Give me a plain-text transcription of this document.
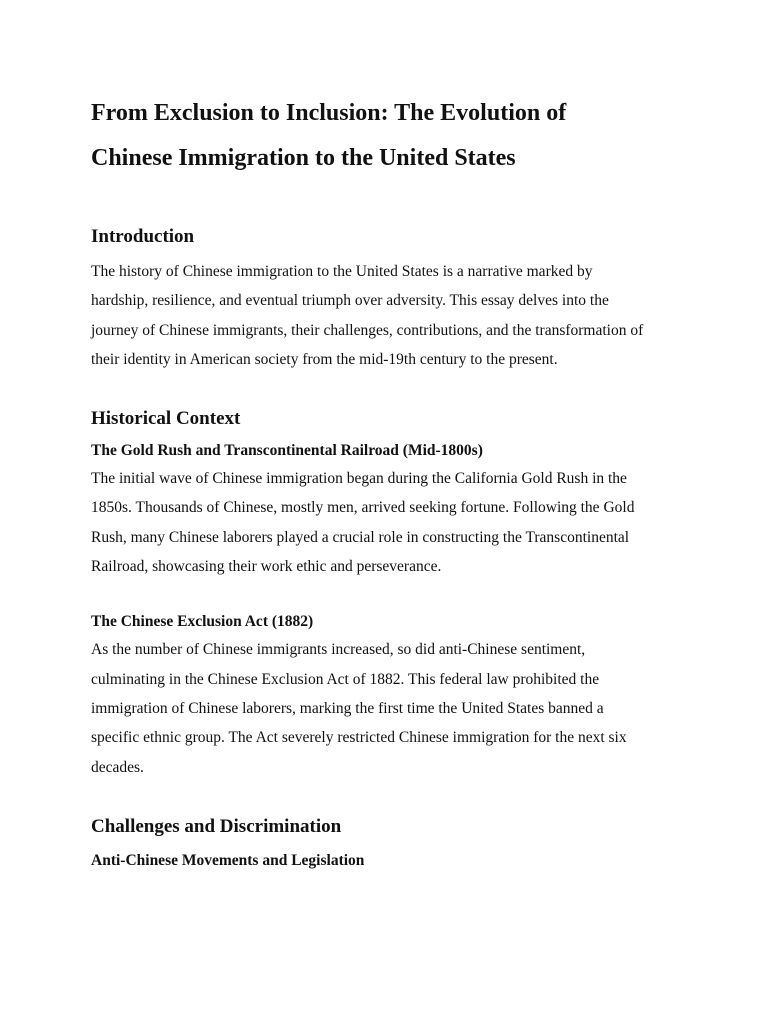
From Exclusion to Inclusion: The Evolution of
Chinese Immigration to the United States
Introduction

The history of Chinese immigration to the United States is a narrative marked by
hardship, resilience, and eventual triumph over adversity. This essay delves into the
journey of Chinese immigrants, their challenges, contributions, and the transformation of
their identity in American society from the mid-19th century to the present.

Historical Context
The Gold Rush and Transcontinental Railroad (Mid-1800s)

The initial wave of Chinese immigration began during the California Gold Rush in the
1850s. Thousands of Chinese, mostly men, arrived seeking fortune. Following the Gold
Rush, many Chinese laborers played a crucial role in constructing the Transcontinental
Railroad, showcasing their work ethic and perseverance.

The Chinese Exclusion Act (1882)

As the number of Chinese immigrants increased, so did anti-Chinese sentiment,
culminating in the Chinese Exclusion Act of 1882. This federal law prohibited the
immigration of Chinese laborers, marking the first time the United States banned a
specific ethnic group. The Act severely restricted Chinese immigration for the next six
decades.

Challenges and Discrimination
Anti-Chinese Movements and Legislation
